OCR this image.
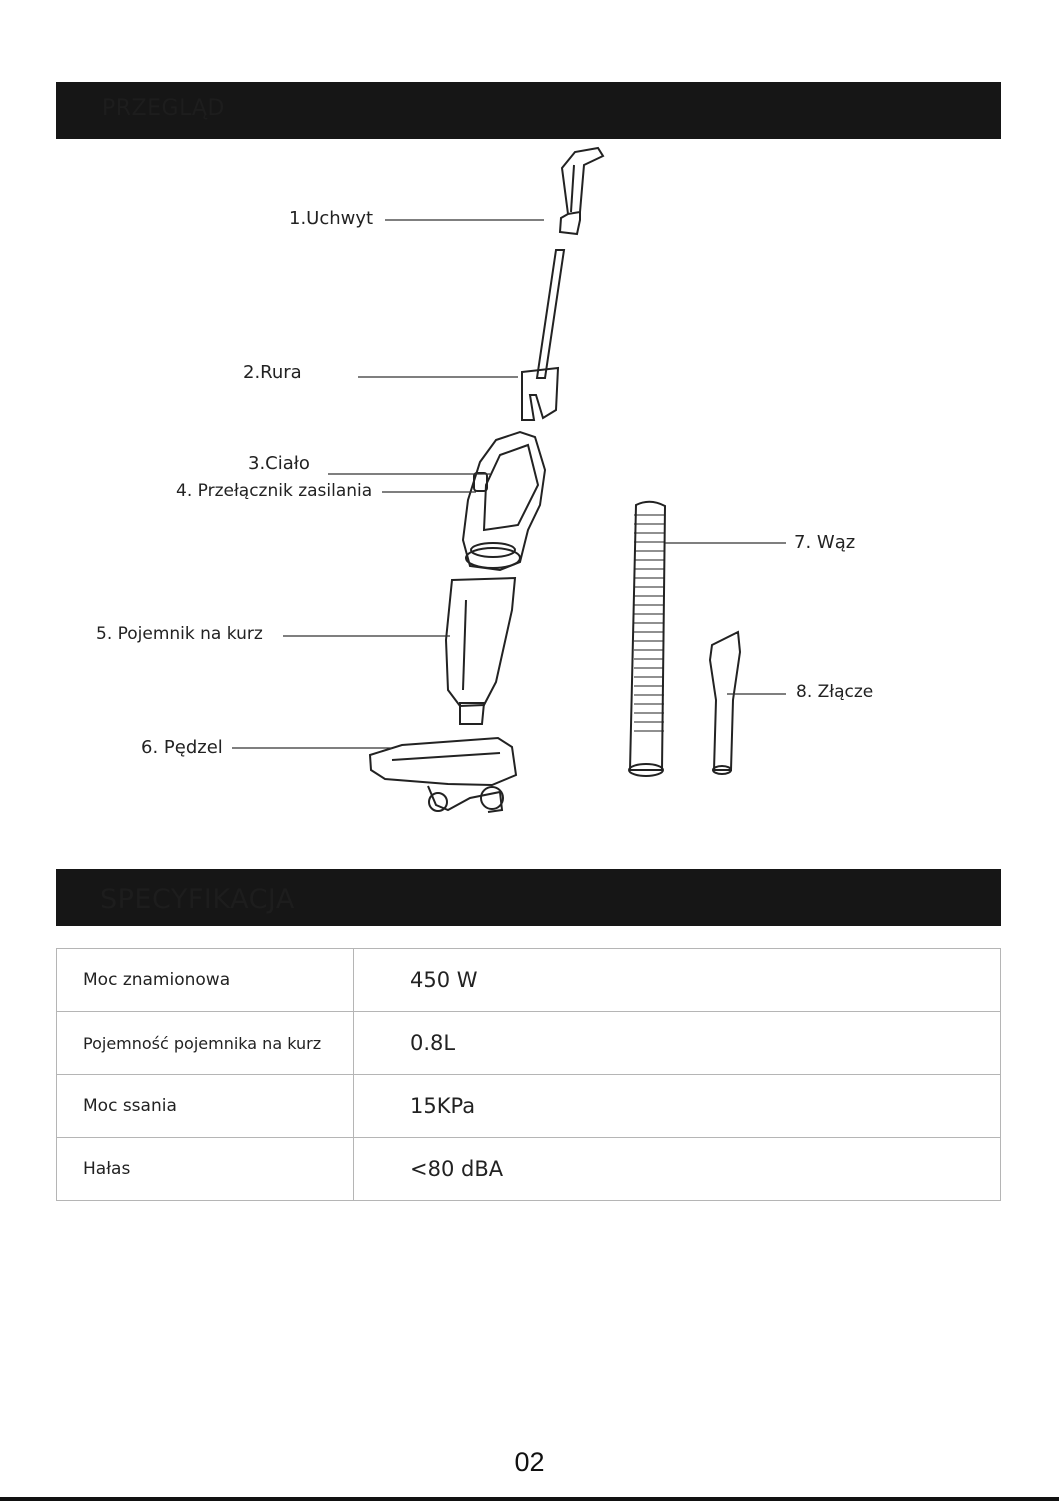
PRZEGLĄD
1.Uchwyt
2.Rura
3.Ciało
4. Przełącznik zasilania
5. Pojemnik na kurz
6. Pędzel
7. Wąz
8. Złącze
SPECYFIKACJA
Moc znamionowa	450 W
Pojemność pojemnika na kurz	0.8L
Moc ssania	15KPa
Hałas	<80 dBA
02
